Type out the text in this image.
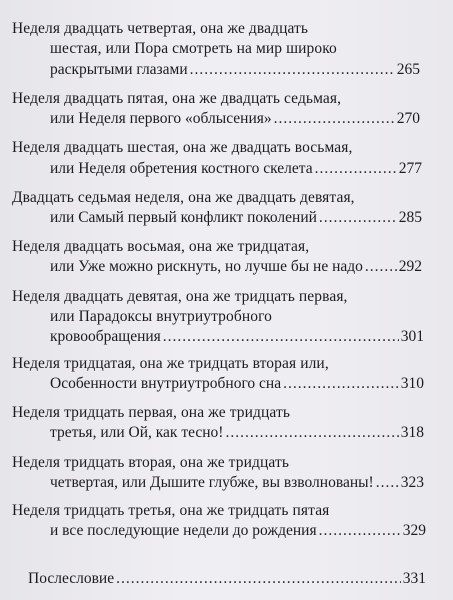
Неделя двадцать четвертая, она же двадцать
шестая, или Пора смотреть на мир широко
раскрытыми глазами .....	265
Неделя двадцать пятая, она же двадцать седьмая,
или Неделя первого «облысения» .....	270
Неделя двадцать шестая, она же двадцать восьмая,
или Неделя обретения костного скелета .....	277
Двадцать седьмая неделя, она же двадцать девятая,
или Самый первый конфликт поколений .....	285
Неделя двадцать восьмая, она же тридцатая,
или Уже можно рискнуть, но лучше бы не надо ..... 292
Неделя двадцать девятая, она же тридцать первая,
или Парадоксы внутриутробного
кровообращения .....	301
Неделя тридцатая, она же тридцать вторая или,
Особенности внутриутробного сна .....	310
Неделя тридцать первая, она же тридцать
третья, или Ой, как тесно! .....	318
Неделя тридцать вторая, она же тридцать
четвертая, или Дышите глубже, вы взволнованы! ..... 323
Неделя тридцать третья, она же тридцать пятая
и все последующие недели до рождения .....	329
Послесловие .....	331
